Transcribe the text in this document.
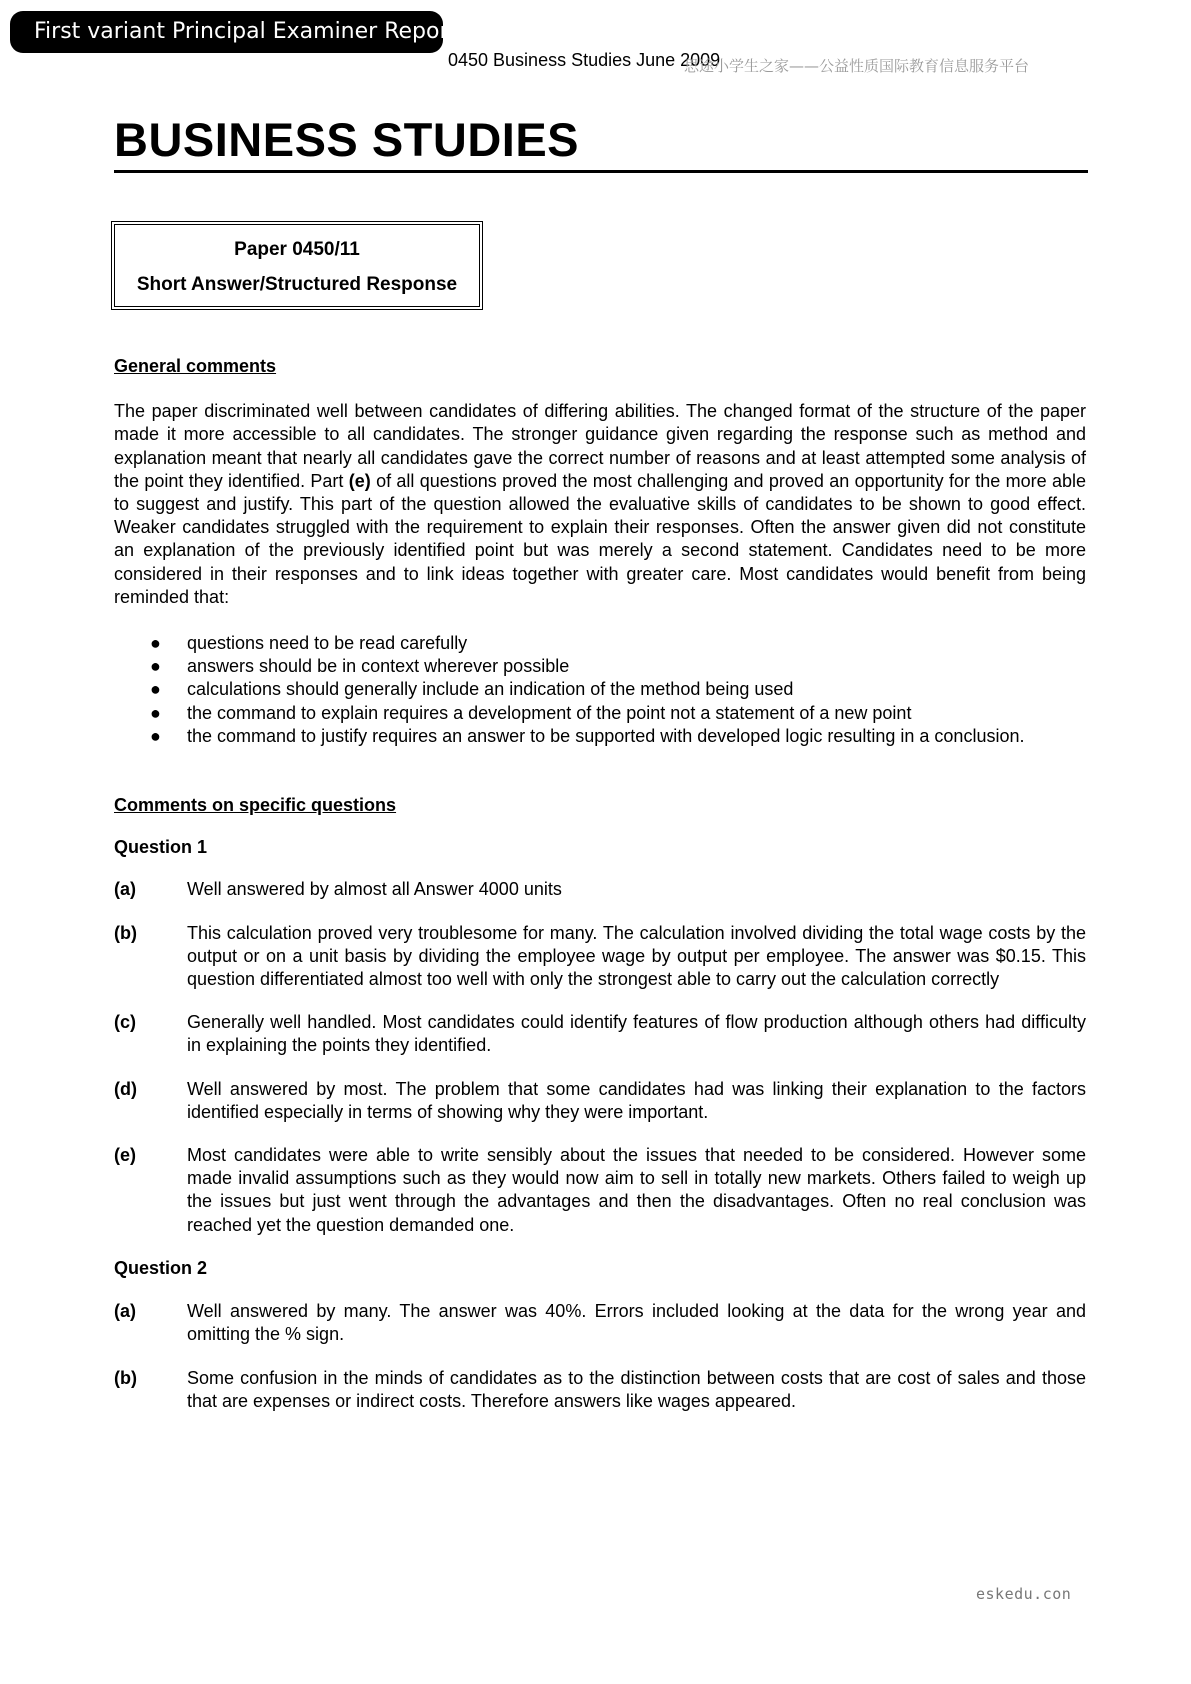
First variant Principal Examiner Report
0450 Business Studies June 2009
思途小学生之家——公益性质国际教育信息服务平台
BUSINESS STUDIES
Paper 0450/11
Short Answer/Structured Response

General comments

The paper discriminated well between candidates of differing abilities. The changed format of the structure of the paper made it more accessible to all candidates. The stronger guidance given regarding the response such as method and explanation meant that nearly all candidates gave the correct number of reasons and at least attempted some analysis of the point they identified. Part (e) of all questions proved the most challenging and proved an opportunity for the more able to suggest and justify. This part of the question allowed the evaluative skills of candidates to be shown to good effect. Weaker candidates struggled with the requirement to explain their responses. Often the answer given did not constitute an explanation of the previously identified point but was merely a second statement. Candidates need to be more considered in their responses and to link ideas together with greater care. Most candidates would benefit from being reminded that:

● questions need to be read carefully
● answers should be in context wherever possible
● calculations should generally include an indication of the method being used
● the command to explain requires a development of the point not a statement of a new point
● the command to justify requires an answer to be supported with developed logic resulting in a conclusion.

Comments on specific questions

Question 1

(a)	Well answered by almost all Answer 4000 units
(b)	This calculation proved very troublesome for many. The calculation involved dividing the total wage costs by the output or on a unit basis by dividing the employee wage by output per employee. The answer was $0.15. This question differentiated almost too well with only the strongest able to carry out the calculation correctly
(c)	Generally well handled. Most candidates could identify features of flow production although others had difficulty in explaining the points they identified.
(d)	Well answered by most. The problem that some candidates had was linking their explanation to the factors identified especially in terms of showing why they were important.
(e)	Most candidates were able to write sensibly about the issues that needed to be considered. However some made invalid assumptions such as they would now aim to sell in totally new markets. Others failed to weigh up the issues but just went through the advantages and then the disadvantages. Often no real conclusion was reached yet the question demanded one.

Question 2

(a)	Well answered by many. The answer was 40%. Errors included looking at the data for the wrong year and omitting the % sign.
(b)	Some confusion in the minds of candidates as to the distinction between costs that are cost of sales and those that are expenses or indirect costs. Therefore answers like wages appeared.
eskedu.con
